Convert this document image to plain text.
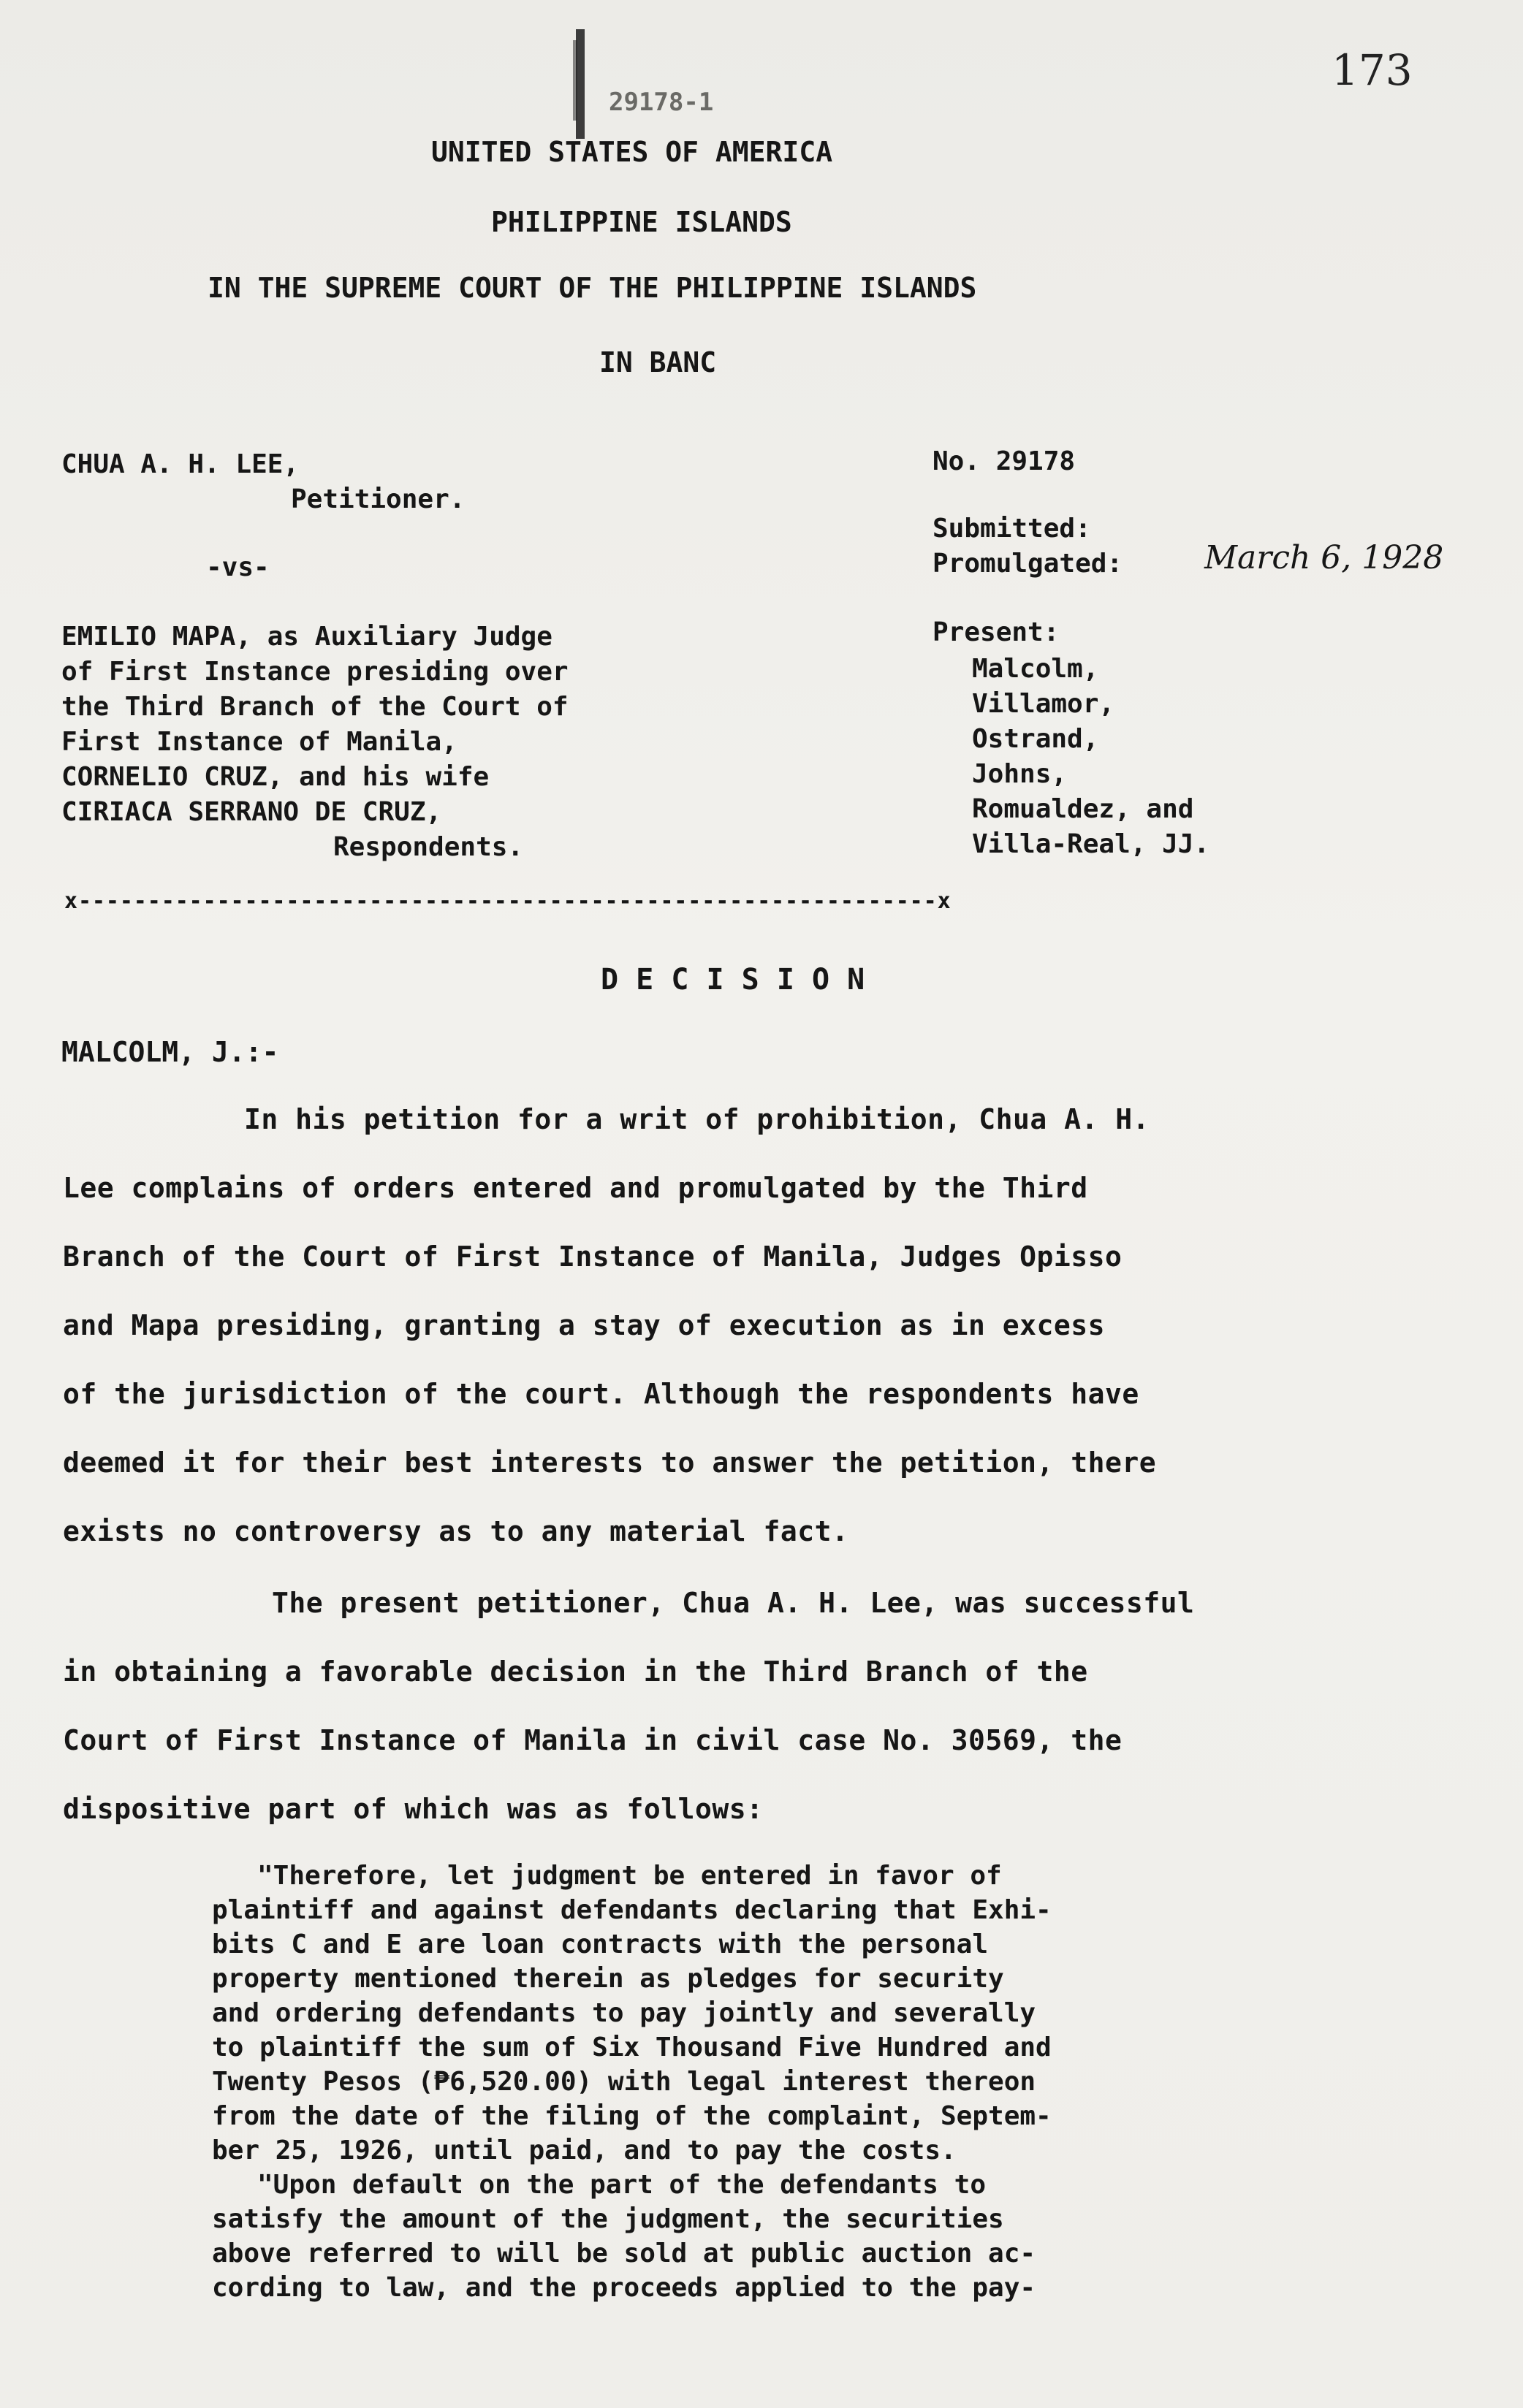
173
29178-1
UNITED STATES OF AMERICA
PHILIPPINE ISLANDS
IN THE SUPREME COURT OF THE PHILIPPINE ISLANDS
IN BANC
CHUA A. H. LEE,
Petitioner.
-vs-
EMILIO MAPA, as Auxiliary Judge
of First Instance presiding over
the Third Branch of the Court of
First Instance of Manila,
CORNELIO CRUZ, and his wife
CIRIACA SERRANO DE CRUZ,
Respondents.
No. 29178
Submitted:
Promulgated:	March 6, 1928
Present:
Malcolm,
Villamor,
Ostrand,
Johns,
Romualdez, and
Villa-Real, JJ.
x--------------------------------------------------------------x
D E C I S I O N
MALCOLM, J.:-
In his petition for a writ of prohibition, Chua A. H.
Lee complains of orders entered and promulgated by the Third
Branch of the Court of First Instance of Manila, Judges Opisso
and Mapa presiding, granting a stay of execution as in excess
of the jurisdiction of the court. Although the respondents have
deemed it for their best interests to answer the petition, there
exists no controversy as to any material fact.
The present petitioner, Chua A. H. Lee, was successful
in obtaining a favorable decision in the Third Branch of the
Court of First Instance of Manila in civil case No. 30569, the
dispositive part of which was as follows:
"Therefore, let judgment be entered in favor of
plaintiff and against defendants declaring that Exhi-
bits C and E are loan contracts with the personal
property mentioned therein as pledges for security
and ordering defendants to pay jointly and severally
to plaintiff the sum of Six Thousand Five Hundred and
Twenty Pesos (₱6,520.00) with legal interest thereon
from the date of the filing of the complaint, Septem-
ber 25, 1926, until paid, and to pay the costs.
"Upon default on the part of the defendants to
satisfy the amount of the judgment, the securities
above referred to will be sold at public auction ac-
cording to law, and the proceeds applied to the pay-
